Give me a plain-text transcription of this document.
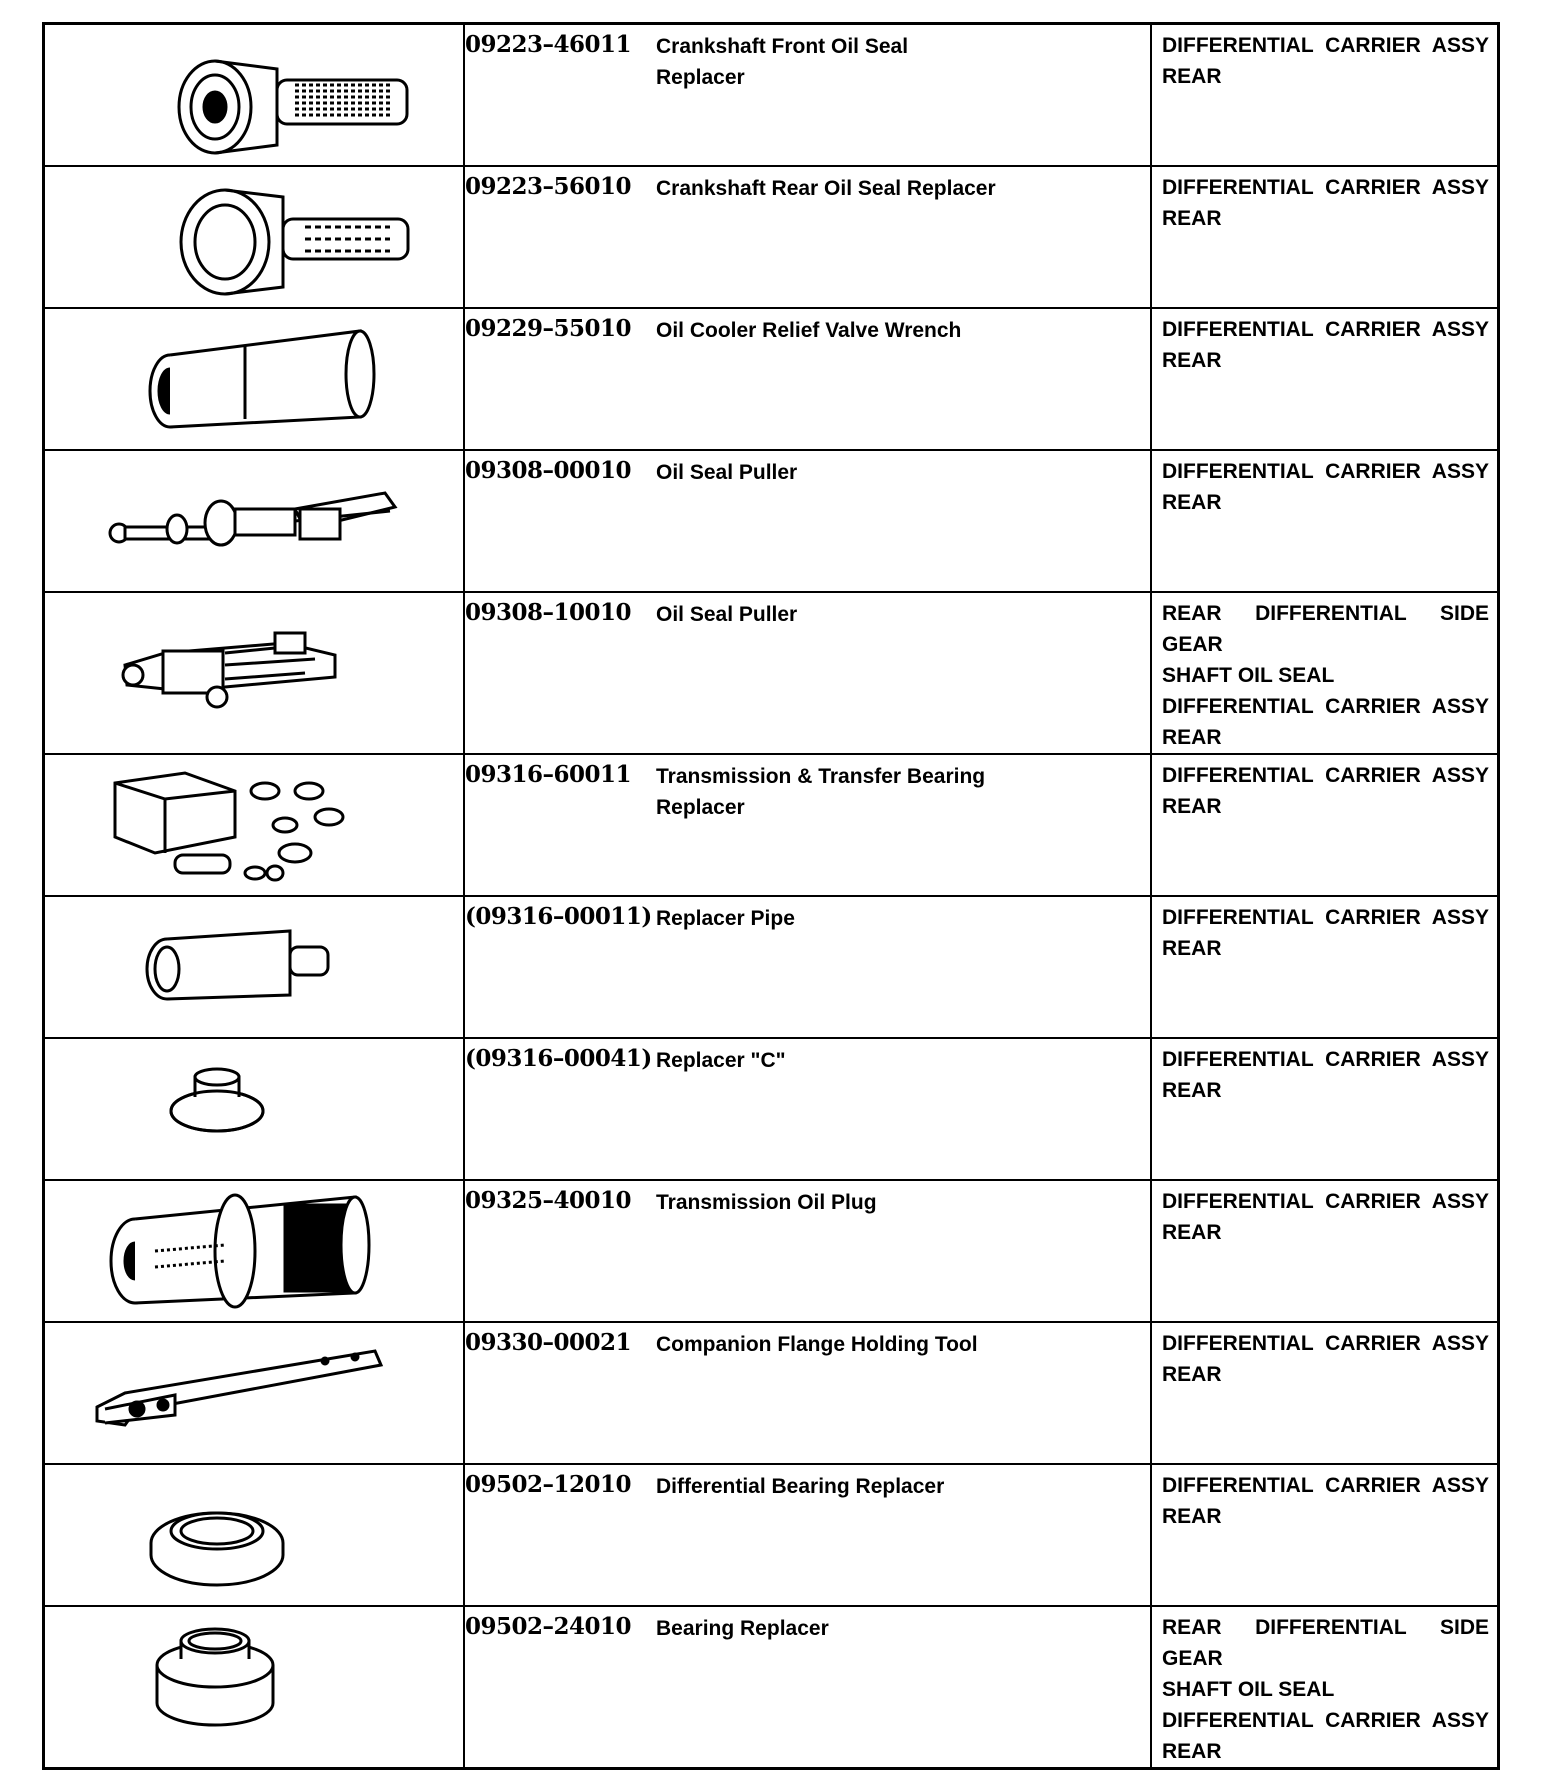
09223–46011 Crankshaft Front Oil Seal Replacer	DIFFERENTIAL CARRIER ASSY
REAR

09223–56010 Crankshaft Rear Oil Seal Replacer	DIFFERENTIAL CARRIER ASSY
REAR

09229–55010 Oil Cooler Relief Valve Wrench	DIFFERENTIAL CARRIER ASSY
REAR

09308–00010 Oil Seal Puller	DIFFERENTIAL CARRIER ASSY
REAR

09308–10010 Oil Seal Puller	REAR DIFFERENTIAL SIDE GEAR
SHAFT OIL SEAL
DIFFERENTIAL CARRIER ASSY
REAR

09316–60011 Transmission & Transfer Bearing Replacer	DIFFERENTIAL CARRIER ASSY
REAR

(09316–00011) Replacer Pipe	DIFFERENTIAL CARRIER ASSY
REAR

(09316–00041) Replacer "C"	DIFFERENTIAL CARRIER ASSY
REAR

09325–40010 Transmission Oil Plug	DIFFERENTIAL CARRIER ASSY
REAR

09330–00021 Companion Flange Holding Tool	DIFFERENTIAL CARRIER ASSY
REAR

09502–12010 Differential Bearing Replacer	DIFFERENTIAL CARRIER ASSY
REAR

09502–24010 Bearing Replacer	REAR DIFFERENTIAL SIDE GEAR
SHAFT OIL SEAL
DIFFERENTIAL CARRIER ASSY
REAR
